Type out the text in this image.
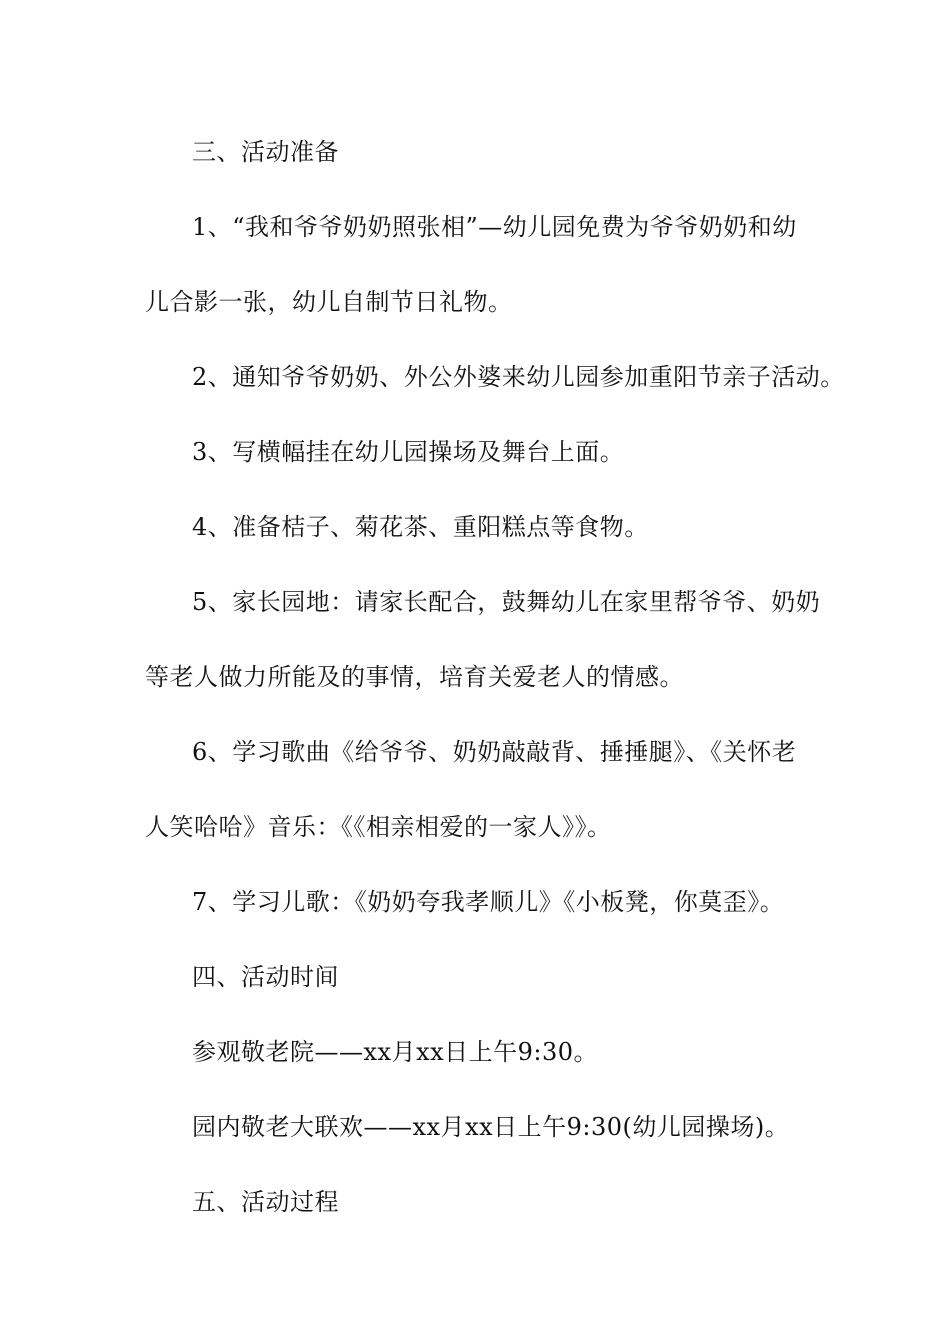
三、活动准备
1、“我和爷爷奶奶照张相”—幼儿园免费为爷爷奶奶和幼
儿合影一张，幼儿自制节日礼物。
2、通知爷爷奶奶、外公外婆来幼儿园参加重阳节亲子活动。
3、写横幅挂在幼儿园操场及舞台上面。
4、准备桔子、菊花茶、重阳糕点等食物。
5、家长园地：请家长配合，鼓舞幼儿在家里帮爷爷、奶奶
等老人做力所能及的事情，培育关爱老人的情感。
6、学习歌曲《给爷爷、奶奶敲敲背、捶捶腿》、《关怀老
人笑哈哈》音乐：《《相亲相爱的一家人》》。
7、学习儿歌：《奶奶夸我孝顺儿》《小板凳，你莫歪》。
四、活动时间
参观敬老院——xx月xx日上午9:30。
园内敬老大联欢——xx月xx日上午9:30(幼儿园操场)。
五、活动过程
